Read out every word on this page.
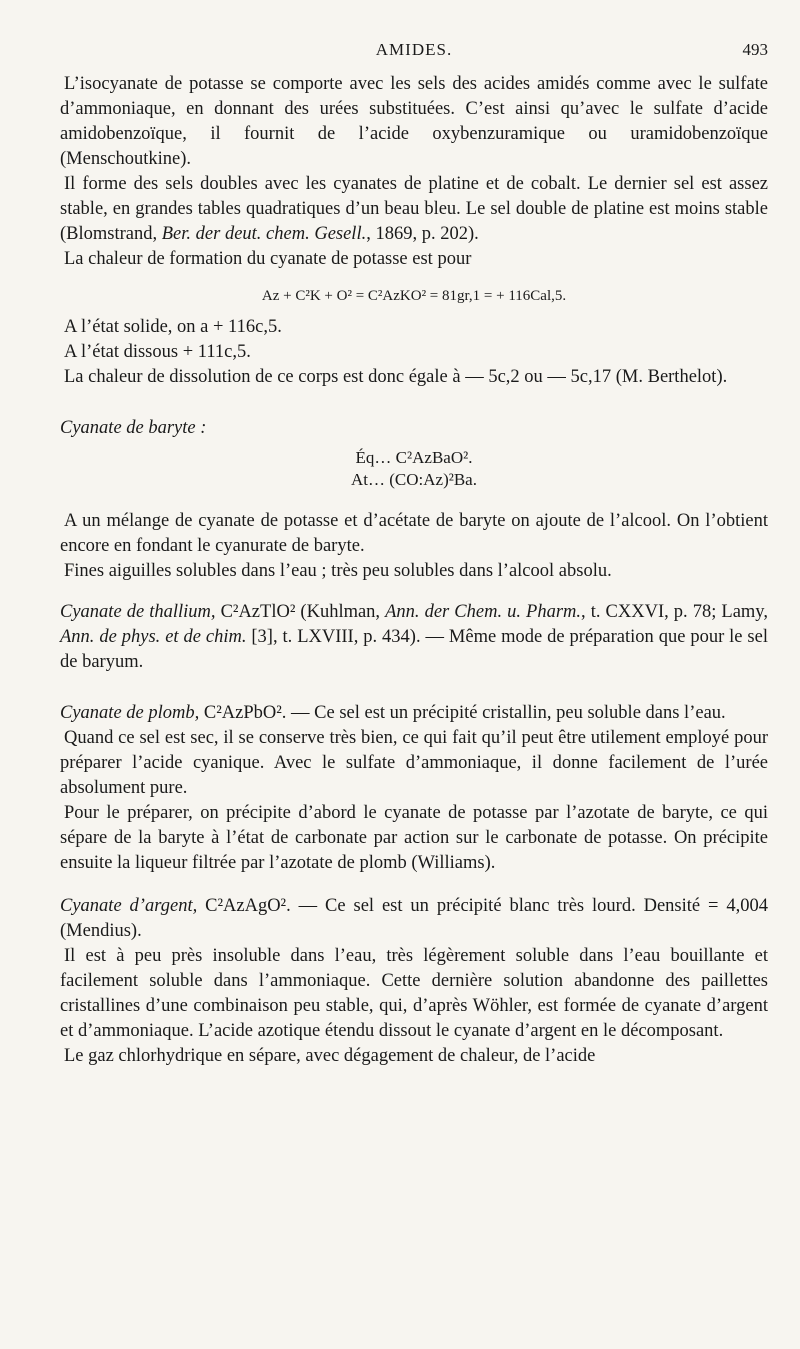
AMIDES.	493

L’isocyanate de potasse se comporte avec les sels des acides amidés comme avec le sulfate d’ammoniaque, en donnant des urées substituées. C’est ainsi qu’avec le sulfate d’acide amidobenzoïque, il fournit de l’acide oxybenzuramique ou uramidobenzoïque (Menschoutkine).

Il forme des sels doubles avec les cyanates de platine et de cobalt. Le dernier sel est assez stable, en grandes tables quadratiques d’un beau bleu. Le sel double de platine est moins stable (Blomstrand, Ber. der deut. chem. Gesell., 1869, p. 202).

La chaleur de formation du cyanate de potasse est pour

Az + C²K + O² = C²AzKO² = 81gr,1 = + 116Cal,5.

A l’état solide, on a + 116c,5.

A l’état dissous + 111c,5.

La chaleur de dissolution de ce corps est donc égale à — 5c,2 ou — 5c,17 (M. Berthelot).

Cyanate de baryte :

Éq… C²AzBaO².

At… (CO:Az)²Ba.

A un mélange de cyanate de potasse et d’acétate de baryte on ajoute de l’alcool. On l’obtient encore en fondant le cyanurate de baryte.

Fines aiguilles solubles dans l’eau ; très peu solubles dans l’alcool absolu.

Cyanate de thallium, C²AzTlO² (Kuhlman, Ann. der Chem. u. Pharm., t. CXXVI, p. 78; Lamy, Ann. de phys. et de chim. [3], t. LXVIII, p. 434). — Même mode de préparation que pour le sel de baryum.

Cyanate de plomb, C²AzPbO². — Ce sel est un précipité cristallin, peu soluble dans l’eau.

Quand ce sel est sec, il se conserve très bien, ce qui fait qu’il peut être utilement employé pour préparer l’acide cyanique. Avec le sulfate d’ammoniaque, il donne facilement de l’urée absolument pure.

Pour le préparer, on précipite d’abord le cyanate de potasse par l’azotate de baryte, ce qui sépare de la baryte à l’état de carbonate par action sur le carbonate de potasse. On précipite ensuite la liqueur filtrée par l’azotate de plomb (Williams).

Cyanate d’argent, C²AzAgO². — Ce sel est un précipité blanc très lourd. Densité = 4,004 (Mendius).

Il est à peu près insoluble dans l’eau, très légèrement soluble dans l’eau bouillante et facilement soluble dans l’ammoniaque. Cette dernière solution abandonne des paillettes cristallines d’une combinaison peu stable, qui, d’après Wöhler, est formée de cyanate d’argent et d’ammoniaque. L’acide azotique étendu dissout le cyanate d’argent en le décomposant.

Le gaz chlorhydrique en sépare, avec dégagement de chaleur, de l’acide
